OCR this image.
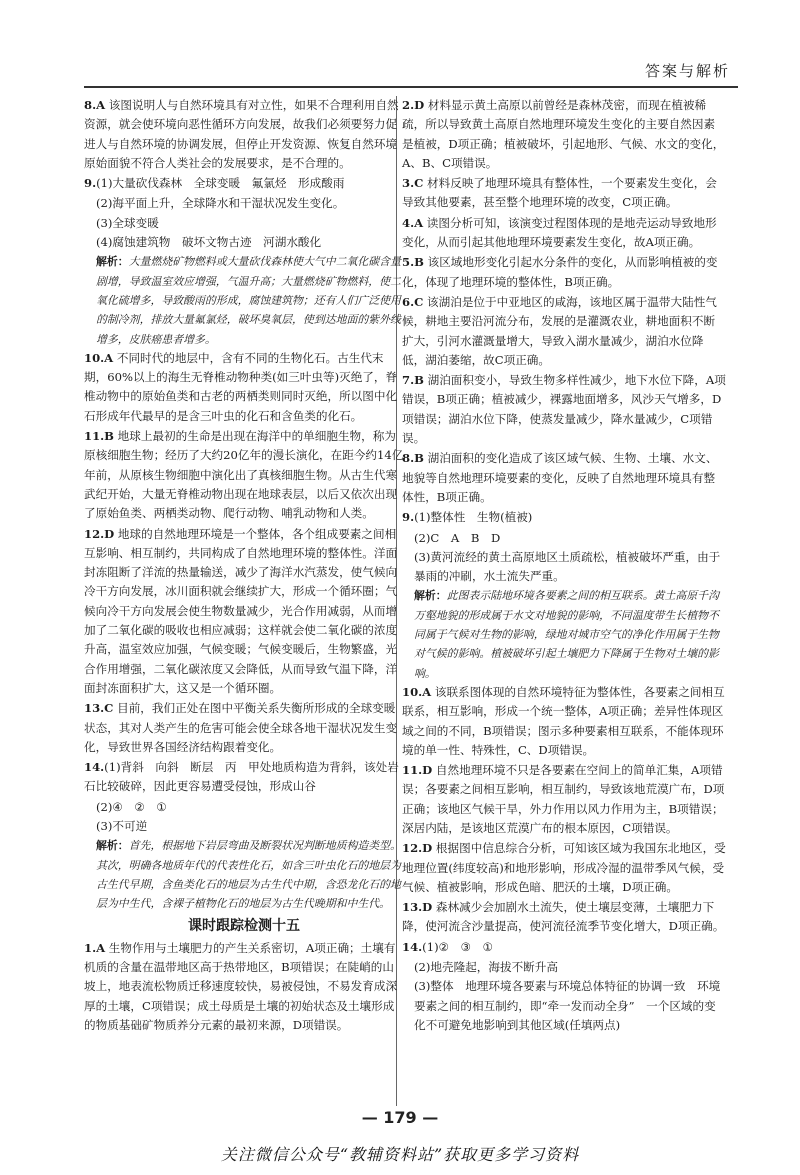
答案与解析
8.A 该图说明人与自然环境具有对立性，如果不合理利用自然资源，就会使环境向恶性循环方向发展，故我们必须要努力促进人与自然环境的协调发展，但停止开发资源、恢复自然环境原始面貌不符合人类社会的发展要求，是不合理的。
9.(1)大量砍伐森林　全球变暖　氟氯烃　形成酸雨
(2)海平面上升，全球降水和干湿状况发生变化。
(3)全球变暖
(4)腐蚀建筑物　破坏文物古迹　河湖水酸化
解析：大量燃烧矿物燃料或大量砍伐森林使大气中二氧化碳含量剧增，导致温室效应增强，气温升高；大量燃烧矿物燃料，使二氧化硫增多，导致酸雨的形成，腐蚀建筑物；还有人们广泛使用的制冷剂，排放大量氟氯烃，破坏臭氧层，使到达地面的紫外线增多，皮肤癌患者增多。
10.A 不同时代的地层中，含有不同的生物化石。古生代末期，60%以上的海生无脊椎动物种类(如三叶虫等)灭绝了，脊椎动物中的原始鱼类和古老的两栖类则同时灭绝，所以图中化石形成年代最早的是含三叶虫的化石和含鱼类的化石。
11.B 地球上最初的生命是出现在海洋中的单细胞生物，称为原核细胞生物；经历了大约20亿年的漫长演化，在距今约14亿年前，从原核生物细胞中演化出了真核细胞生物。从古生代寒武纪开始，大量无脊椎动物出现在地球表层，以后又依次出现了原始鱼类、两栖类动物、爬行动物、哺乳动物和人类。
12.D 地球的自然地理环境是一个整体，各个组成要素之间相互影响、相互制约，共同构成了自然地理环境的整体性。洋面封冻阻断了洋流的热量输送，减少了海洋水汽蒸发，使气候向冷干方向发展，冰川面积就会继续扩大，形成一个循环圈；气候向冷干方向发展会使生物数量减少，光合作用减弱，从而增加了二氧化碳的吸收也相应减弱；这样就会使二氧化碳的浓度升高，温室效应加强，气候变暖；气候变暖后，生物繁盛，光合作用增强，二氧化碳浓度又会降低，从而导致气温下降，洋面封冻面积扩大，这又是一个循环圈。
13.C 目前，我们正处在图中平衡关系失衡所形成的全球变暖状态，其对人类产生的危害可能会使全球各地干湿状况发生变化，导致世界各国经济结构跟着变化。
14.(1)背斜　向斜　断层　丙　甲处地质构造为背斜，该处岩石比较破碎，因此更容易遭受侵蚀，形成山谷
(2)④　②　①
(3)不可逆
解析：首先，根据地下岩层弯曲及断裂状况判断地质构造类型。其次，明确各地质年代的代表性化石，如含三叶虫化石的地层为古生代早期，含鱼类化石的地层为古生代中期，含恐龙化石的地层为中生代，含裸子植物化石的地层为古生代晚期和中生代。
课时跟踪检测十五
1.A 生物作用与土壤肥力的产生关系密切，A项正确；土壤有机质的含量在温带地区高于热带地区，B项错误；在陡峭的山坡上，地表流松物质迁移速度较快，易被侵蚀，不易发育成深厚的土壤，C项错误；成土母质是土壤的初始状态及土壤形成的物质基础矿物质养分元素的最初来源，D项错误。
2.D 材料显示黄土高原以前曾经是森林茂密，而现在植被稀疏，所以导致黄土高原自然地理环境发生变化的主要自然因素是植被，D项正确；植被破坏，引起地形、气候、水文的变化，A、B、C项错误。
3.C 材料反映了地理环境具有整体性，一个要素发生变化，会导致其他要素，甚至整个地理环境的改变，C项正确。
4.A 读图分析可知，该演变过程图体现的是地壳运动导致地形变化，从而引起其他地理环境要素发生变化，故A项正确。
5.B 该区域地形变化引起水分条件的变化，从而影响植被的变化，体现了地理环境的整体性，B项正确。
6.C 该湖泊是位于中亚地区的咸海，该地区属于温带大陆性气候，耕地主要沿河流分布，发展的是灌溉农业，耕地面积不断扩大，引河水灌溉量增大，导致入湖水量减少，湖泊水位降低，湖泊萎缩，故C项正确。
7.B 湖泊面积变小，导致生物多样性减少，地下水位下降，A项错误，B项正确；植被减少，裸露地面增多，风沙天气增多，D项错误；湖泊水位下降，使蒸发量减少，降水量减少，C项错误。
8.B 湖泊面积的变化造成了该区域气候、生物、土壤、水文、地貌等自然地理环境要素的变化，反映了自然地理环境具有整体性，B项正确。
9.(1)整体性　生物(植被)
(2)C　A　B　D
(3)黄河流经的黄土高原地区土质疏松，植被破坏严重，由于暴雨的冲刷，水土流失严重。
解析：此图表示陆地环境各要素之间的相互联系。黄土高原千沟万壑地貌的形成属于水文对地貌的影响，不同温度带生长植物不同属于气候对生物的影响，绿地对城市空气的净化作用属于生物对气候的影响。植被破坏引起土壤肥力下降属于生物对土壤的影响。
10.A 该联系图体现的自然环境特征为整体性，各要素之间相互联系，相互影响，形成一个统一整体，A项正确；差异性体现区域之间的不同，B项错误；图示多种要素相互联系，不能体现环境的单一性、特殊性，C、D项错误。
11.D 自然地理环境不只是各要素在空间上的简单汇集，A项错误；各要素之间相互影响，相互制约，导致该地荒漠广布，D项正确；该地区气候干旱，外力作用以风力作用为主，B项错误；深居内陆，是该地区荒漠广布的根本原因，C项错误。
12.D 根据图中信息综合分析，可知该区域为我国东北地区，受地理位置(纬度较高)和地形影响，形成冷湿的温带季风气候，受气候、植被影响，形成色暗、肥沃的土壤，D项正确。
13.D 森林减少会加剧水土流失，使土壤层变薄，土壤肥力下降，使河流含沙量提高，使河流径流季节变化增大，D项正确。
14.(1)②　③　①
(2)地壳隆起，海拔不断升高
(3)整体　地理环境各要素与环境总体特征的协调一致　环境要素之间的相互制约，即“牵一发而动全身”　一个区域的变化不可避免地影响到其他区域(任填两点)
— 179 —
关注微信公众号“教辅资料站”获取更多学习资料
